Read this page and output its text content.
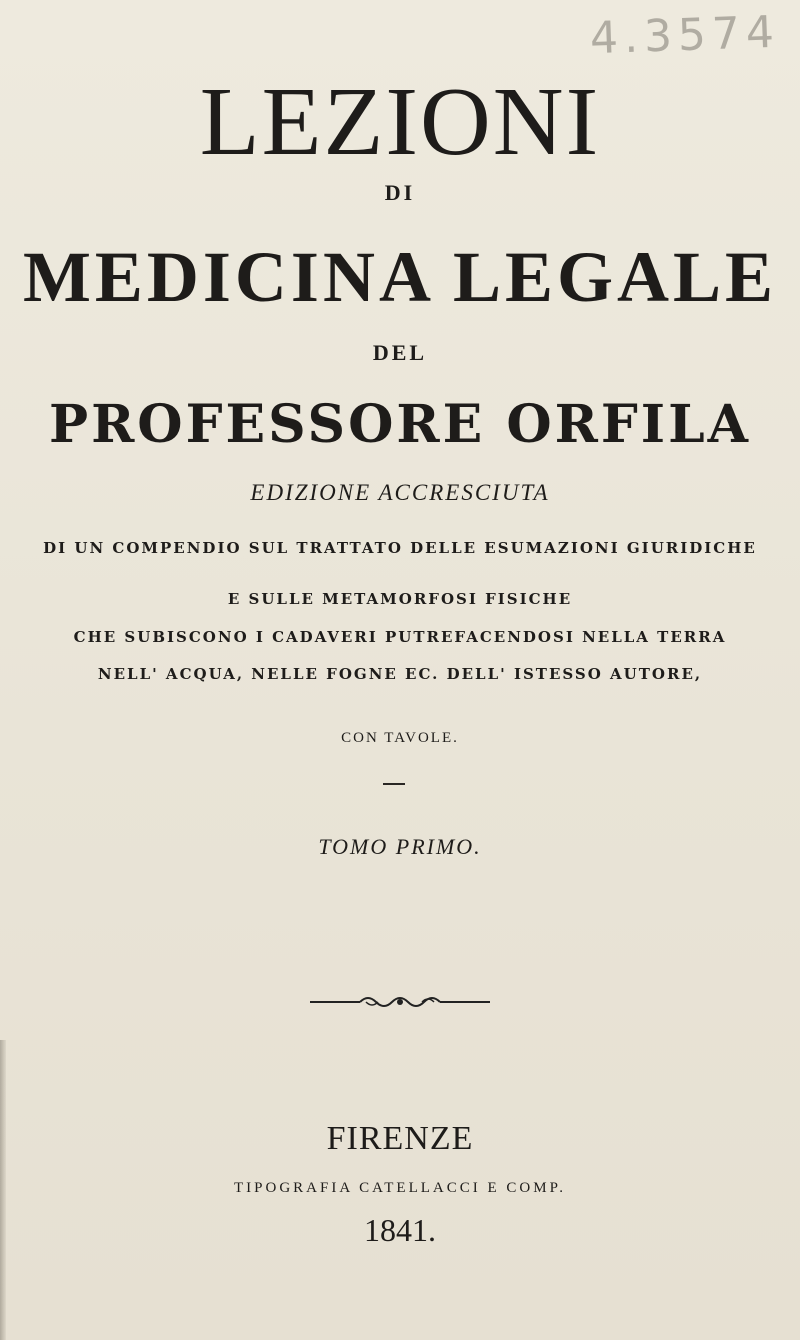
4.3574
LEZIONI
DI
MEDICINA LEGALE
DEL
PROFESSORE ORFILA
EDIZIONE ACCRESCIUTA
DI UN COMPENDIO SUL TRATTATO DELLE ESUMAZIONI GIURIDICHE
E SULLE METAMORFOSI FISICHE
CHE SUBISCONO I CADAVERI PUTREFACENDOSI NELLA TERRA
NELL' ACQUA, NELLE FOGNE EC. DELL' ISTESSO AUTORE,
CON TAVOLE.
TOMO PRIMO.
FIRENZE
TIPOGRAFIA CATELLACCI E COMP.
1841.
